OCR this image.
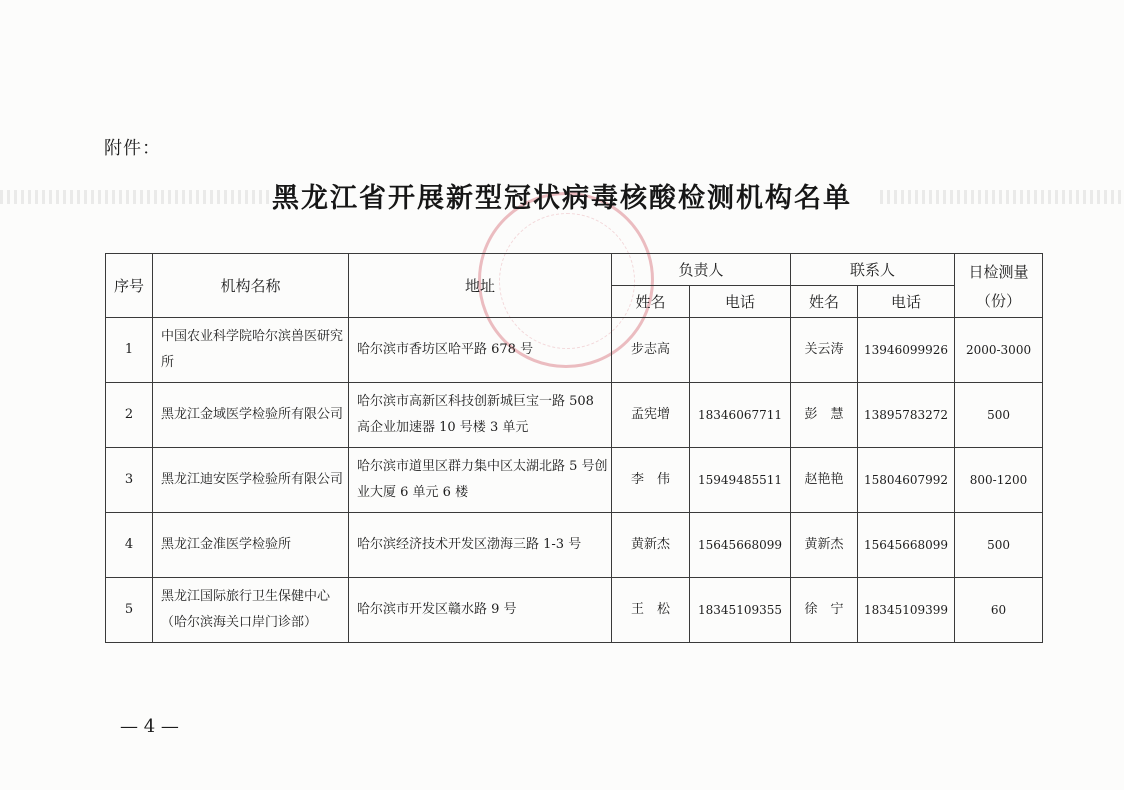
附件：
黑龙江省开展新型冠状病毒核酸检测机构名单
序号	机构名称	地址	负责人		联系人		日检测量
（份）

			姓名	电话	姓名	电话	
1	中国农业科学院哈尔滨兽医研究所	哈尔滨市香坊区哈平路 678 号	步志高		关云涛	13946099926	2000-3000
2	黑龙江金域医学检验所有限公司	哈尔滨市高新区科技创新城巨宝一路 508 高企业加速器 10 号楼 3 单元	孟宪增	18346067711	彭　慧	13895783272	500
3	黑龙江迪安医学检验所有限公司	哈尔滨市道里区群力集中区太湖北路 5 号创业大厦 6 单元 6 楼	李　伟	15949485511	赵艳艳	15804607992	800-1200
4	黑龙江金准医学检验所	哈尔滨经济技术开发区渤海三路 1-3 号	黄新杰	15645668099	黄新杰	15645668099	500
5	黑龙江国际旅行卫生保健中心（哈尔滨海关口岸门诊部）	哈尔滨市开发区赣水路 9 号	王　松	18345109355	徐　宁	18345109399	60
— 4 —
